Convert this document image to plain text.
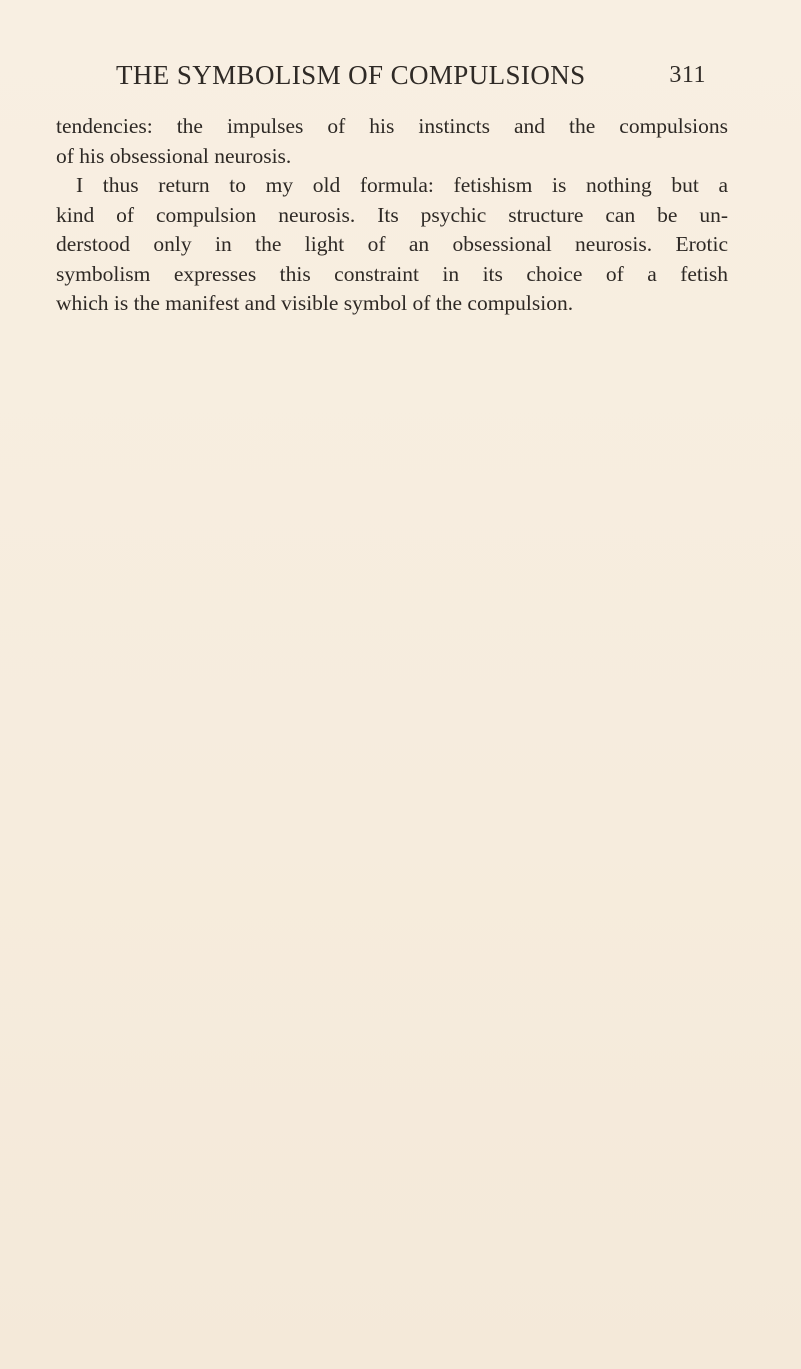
THE SYMBOLISM OF COMPULSIONS	311
tendencies: the impulses of his instincts and the compulsions
of his obsessional neurosis.
I thus return to my old formula: fetishism is nothing but a
kind of compulsion neurosis. Its psychic structure can be un-
derstood only in the light of an obsessional neurosis. Erotic
symbolism expresses this constraint in its choice of a fetish
which is the manifest and visible symbol of the compulsion.
